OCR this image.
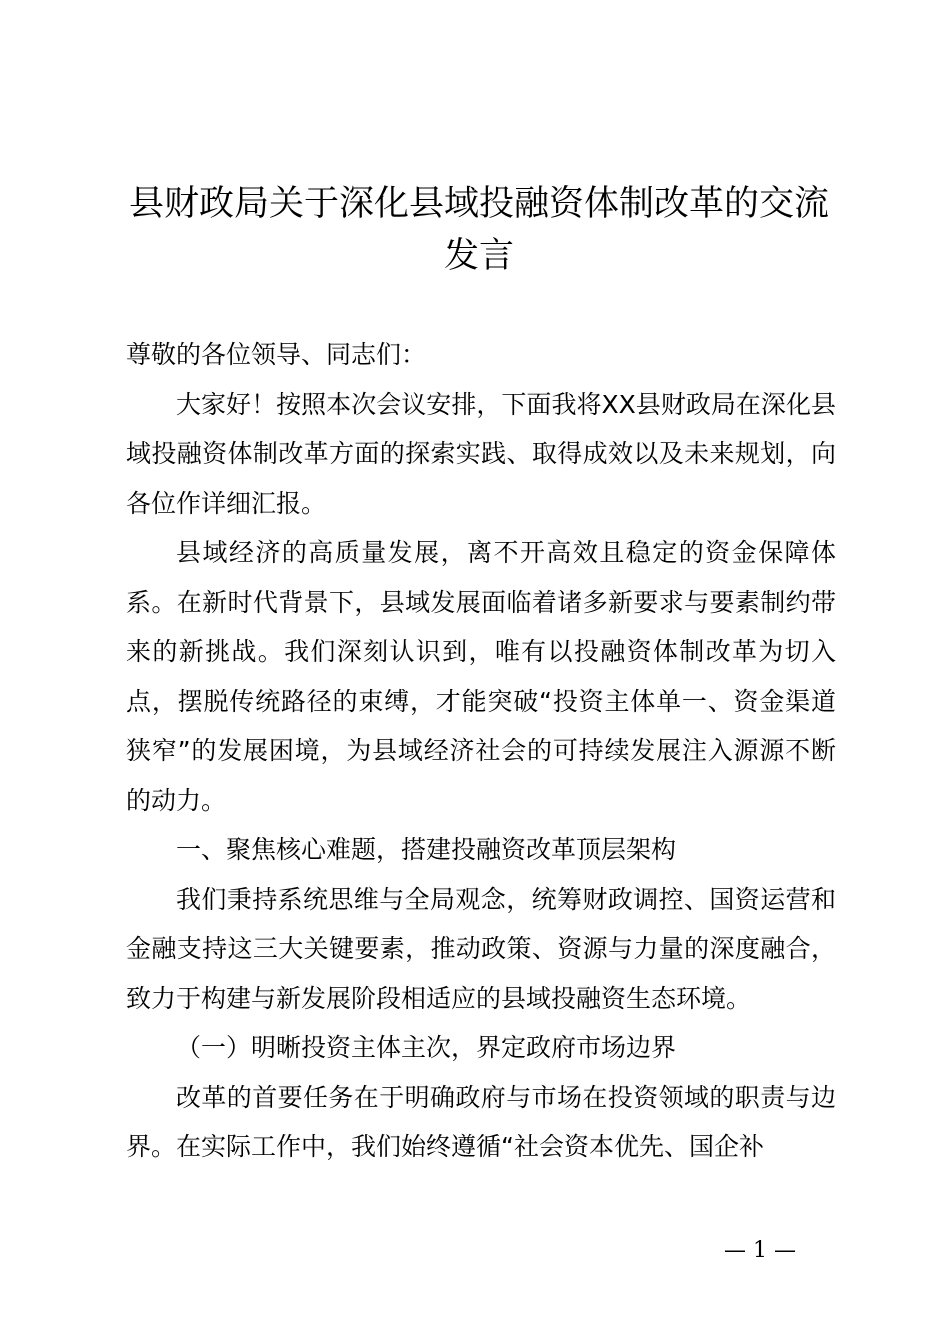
县财政局关于深化县域投融资体制改革的交流
发言

尊敬的各位领导、同志们：

大家好！按照本次会议安排，下面我将XX县财政局在深化县域投融资体制改革方面的探索实践、取得成效以及未来规划，向各位作详细汇报。

县域经济的高质量发展，离不开高效且稳定的资金保障体系。在新时代背景下，县域发展面临着诸多新要求与要素制约带来的新挑战。我们深刻认识到，唯有以投融资体制改革为切入点，摆脱传统路径的束缚，才能突破“投资主体单一、资金渠道狭窄”的发展困境，为县域经济社会的可持续发展注入源源不断的动力。

一、聚焦核心难题，搭建投融资改革顶层架构

我们秉持系统思维与全局观念，统筹财政调控、国资运营和金融支持这三大关键要素，推动政策、资源与力量的深度融合，致力于构建与新发展阶段相适应的县域投融资生态环境。

（一）明晰投资主体主次，界定政府市场边界

改革的首要任务在于明确政府与市场在投资领域的职责与边界。在实际工作中，我们始终遵循“社会资本优先、国企补

— 1 —
